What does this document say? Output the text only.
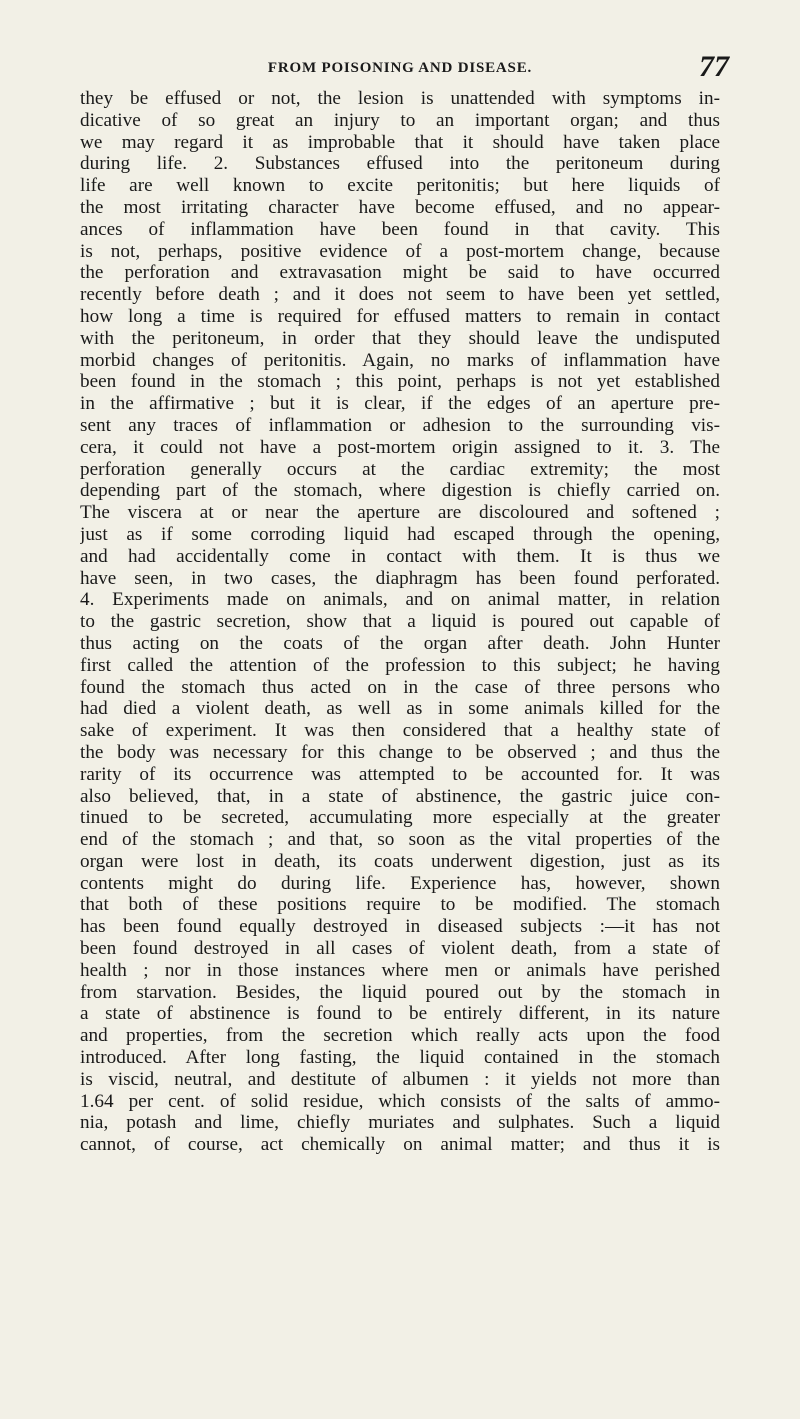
FROM POISONING AND DISEASE.	77
they be effused or not, the lesion is unattended with symptoms in-
dicative of so great an injury to an important organ; and thus
we may regard it as improbable that it should have taken place
during life. 2. Substances effused into the peritoneum during
life are well known to excite peritonitis; but here liquids of
the most irritating character have become effused, and no appear-
ances of inflammation have been found in that cavity. This
is not, perhaps, positive evidence of a post-mortem change, because
the perforation and extravasation might be said to have occurred
recently before death ; and it does not seem to have been yet settled,
how long a time is required for effused matters to remain in contact
with the peritoneum, in order that they should leave the undisputed
morbid changes of peritonitis. Again, no marks of inflammation have
been found in the stomach ; this point, perhaps is not yet established
in the affirmative ; but it is clear, if the edges of an aperture pre-
sent any traces of inflammation or adhesion to the surrounding vis-
cera, it could not have a post-mortem origin assigned to it. 3. The
perforation generally occurs at the cardiac extremity; the most
depending part of the stomach, where digestion is chiefly carried on.
The viscera at or near the aperture are discoloured and softened ;
just as if some corroding liquid had escaped through the opening,
and had accidentally come in contact with them. It is thus we
have seen, in two cases, the diaphragm has been found perforated.
4. Experiments made on animals, and on animal matter, in relation
to the gastric secretion, show that a liquid is poured out capable of
thus acting on the coats of the organ after death. John Hunter
first called the attention of the profession to this subject; he having
found the stomach thus acted on in the case of three persons who
had died a violent death, as well as in some animals killed for the
sake of experiment. It was then considered that a healthy state of
the body was necessary for this change to be observed ; and thus the
rarity of its occurrence was attempted to be accounted for. It was
also believed, that, in a state of abstinence, the gastric juice con-
tinued to be secreted, accumulating more especially at the greater
end of the stomach ; and that, so soon as the vital properties of the
organ were lost in death, its coats underwent digestion, just as its
contents might do during life. Experience has, however, shown
that both of these positions require to be modified. The stomach
has been found equally destroyed in diseased subjects :—it has not
been found destroyed in all cases of violent death, from a state of
health ; nor in those instances where men or animals have perished
from starvation. Besides, the liquid poured out by the stomach in
a state of abstinence is found to be entirely different, in its nature
and properties, from the secretion which really acts upon the food
introduced. After long fasting, the liquid contained in the stomach
is viscid, neutral, and destitute of albumen : it yields not more than
1.64 per cent. of solid residue, which consists of the salts of ammo-
nia, potash and lime, chiefly muriates and sulphates. Such a liquid
cannot, of course, act chemically on animal matter; and thus it is
